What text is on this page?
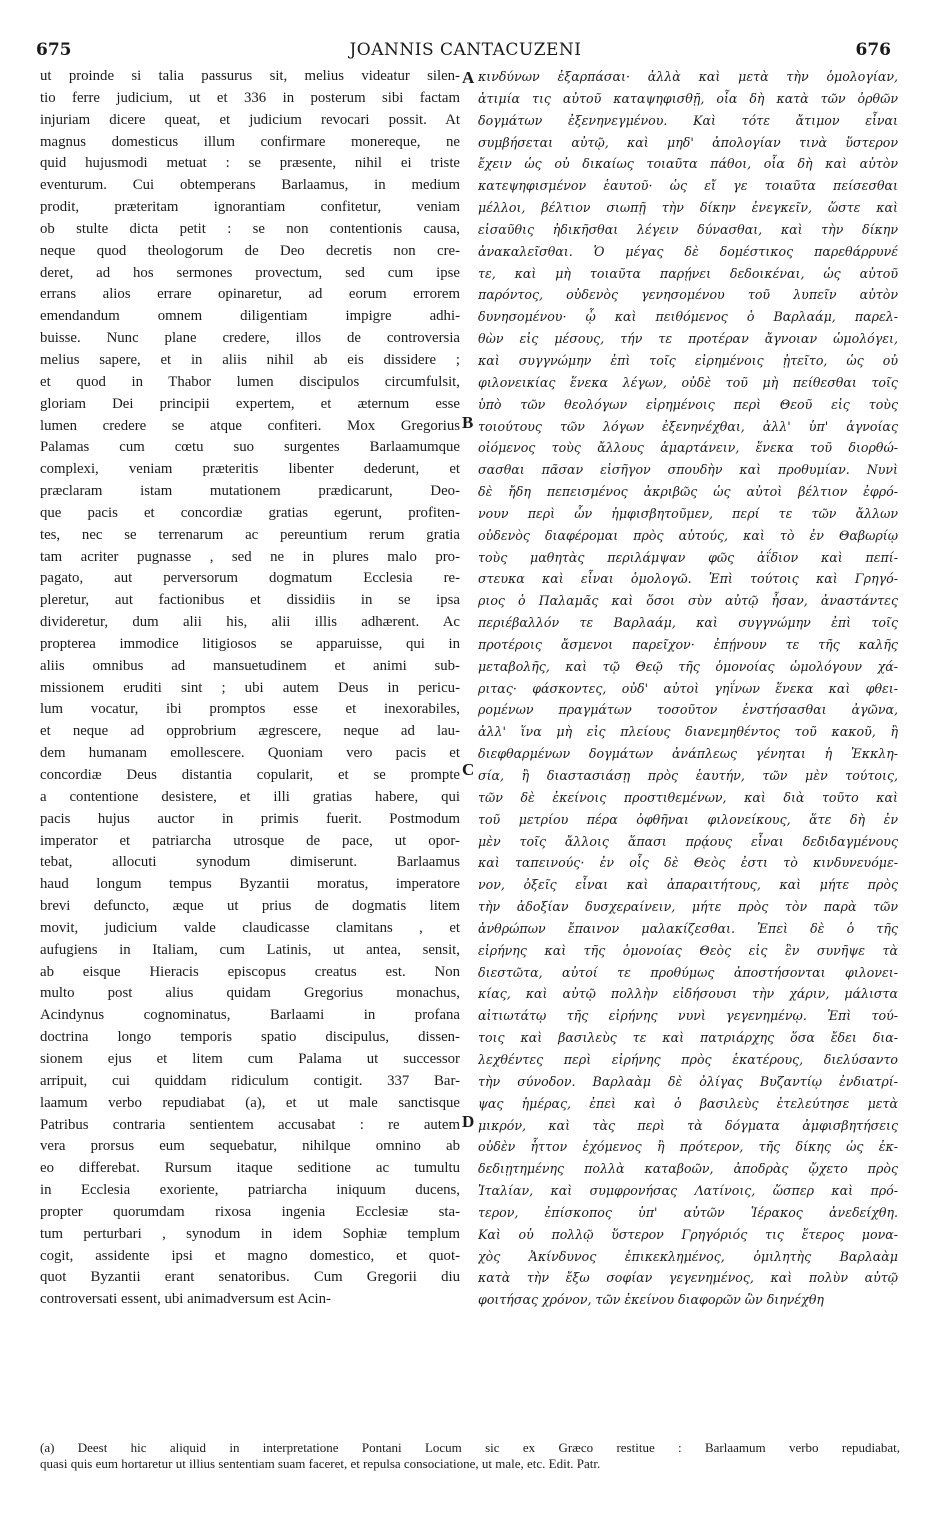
675	JOANNIS CANTACUZENI	676
ut proinde si talia passurus sit, melius videatur silen-
tio ferre judicium, ut et 336 in posterum sibi factam
injuriam dicere queat, et judicium revocari possit. At
magnus domesticus illum confirmare monereque, ne
quid hujusmodi metuat : se præsente, nihil ei triste
eventurum. Cui obtemperans Barlaamus, in medium
prodit, præteritam ignorantiam confitetur, veniam
ob stulte dicta petit : se non contentionis causa,
neque quod theologorum de Deo decretis non cre-
deret, ad hos sermones provectum, sed cum ipse
errans alios errare opinaretur, ad eorum errorem
emendandum omnem diligentiam impigre adhi-
buisse. Nunc plane credere, illos de controversia
melius sapere, et in aliis nihil ab eis dissidere ;
et quod in Thabor lumen discipulos circumfulsit,
gloriam Dei principii expertem, et æternum esse
lumen credere se atque confiteri. Mox Gregorius
Palamas cum cœtu suo surgentes Barlaamumque
complexi, veniam præteritis libenter dederunt, et
præclaram istam mutationem prædicarunt, Deo-
que pacis et concordiæ gratias egerunt, profiten-
tes, nec se terrenarum ac pereuntium rerum gratia
tam acriter pugnasse , sed ne in plures malo pro-
pagato, aut perversorum dogmatum Ecclesia re-
pleretur, aut factionibus et dissidiis in se ipsa
divideretur, dum alii his, alii illis adhærent. Ac
propterea immodice litigiosos se apparuisse, qui in
aliis omnibus ad mansuetudinem et animi sub-
missionem eruditi sint ; ubi autem Deus in pericu-
lum vocatur, ibi promptos esse et inexorabiles,
et neque ad opprobrium ægrescere, neque ad lau-
dem humanam emollescere. Quoniam vero pacis et
concordiæ Deus distantia copularit, et se prompte
a contentione desistere, et illi gratias habere, qui
pacis hujus auctor in primis fuerit. Postmodum
imperator et patriarcha utrosque de pace, ut opor-
tebat, allocuti synodum dimiserunt. Barlaamus
haud longum tempus Byzantii moratus, imperatore
brevi defuncto, æque ut prius de dogmatis litem
movit, judicium valde claudicasse clamitans , et
aufugiens in Italiam, cum Latinis, ut antea, sensit,
ab eisque Hieracis episcopus creatus est. Non
multo post alius quidam Gregorius monachus,
Acindynus cognominatus, Barlaami in profana
doctrina longo temporis spatio discipulus, dissen-
sionem ejus et litem cum Palama ut successor
arripuit, cui quiddam ridiculum contigit. 337 Bar-
laamum verbo repudiabat (a), et ut male sanctisque
Patribus contraria sentientem accusabat : re autem
vera prorsus eum sequebatur, nihilque omnino ab
eo differebat. Rursum itaque seditione ac tumultu
in Ecclesia exoriente, patriarcha iniquum ducens,
propter quorumdam rixosa ingenia Ecclesiæ sta-
tum perturbari , synodum in idem Sophiæ templum
cogit, assidente ipsi et magno domestico, et quot-
quot Byzantii erant senatoribus. Cum Gregorii diu
controversati essent, ubi animadversum est Acin-
κινδύνων ἐξαρπάσαι· ἀλλὰ καὶ μετὰ τὴν ὁμολογίαν,
ἀτιμία τις αὐτοῦ καταψηφισθῇ, οἷα δὴ κατὰ τῶν ὀρθῶν
δογμάτων ἐξενηνεγμένου. Καὶ τότε ἄτιμον εἶναι
συμβήσεται αὐτῷ, καὶ μηδ' ἀπολογίαν τινὰ ὕστερον
ἔχειν ὡς οὐ δικαίως τοιαῦτα πάθοι, οἷα δὴ καὶ αὐτὸν
κατεψηφισμένον ἑαυτοῦ· ὡς εἴ γε τοιαῦτα πείσεσθαι
μέλλοι, βέλτιον σιωπῇ τὴν δίκην ἐνεγκεῖν, ὥστε καὶ
εἰσαῦθις ἠδικῆσθαι λέγειν δύνασθαι, καὶ τὴν δίκην
ἀνακαλεῖσθαι. Ὁ μέγας δὲ δομέστικος παρεθάρρυνέ
τε, καὶ μὴ τοιαῦτα παρῄνει δεδοικέναι, ὡς αὐτοῦ
παρόντος, οὐδενὸς γενησομένου τοῦ λυπεῖν αὐτὸν
δυνησομένου· ᾧ καὶ πειθόμενος ὁ Βαρλαάμ, παρελ-
θὼν εἰς μέσους, τήν τε προτέραν ἄγνοιαν ὡμολόγει,
καὶ συγγνώμην ἐπὶ τοῖς εἰρημένοις ᾐτεῖτο, ὡς οὐ
φιλονεικίας ἕνεκα λέγων, οὐδὲ τοῦ μὴ πείθεσθαι τοῖς
ὑπὸ τῶν θεολόγων εἰρημένοις περὶ Θεοῦ εἰς τοὺς
τοιούτους τῶν λόγων ἐξενηνέχθαι, ἀλλ' ὑπ' ἀγνοίας
οἰόμενος τοὺς ἄλλους ἁμαρτάνειν, ἕνεκα τοῦ διορθώ-
σασθαι πᾶσαν εἰσῆγον σπουδὴν καὶ προθυμίαν. Νυνὶ
δὲ ἤδη πεπεισμένος ἀκριβῶς ὡς αὐτοὶ βέλτιον ἐφρό-
νουν περὶ ὧν ἠμφισβητοῦμεν, περί τε τῶν ἄλλων
οὐδενὸς διαφέρομαι πρὸς αὐτούς, καὶ τὸ ἐν Θαβωρίῳ
τοὺς μαθητὰς περιλάμψαν φῶς ἀΐδιον καὶ πεπί-
στευκα καὶ εἶναι ὁμολογῶ. Ἐπὶ τούτοις καὶ Γρηγό-
ριος ὁ Παλαμᾶς καὶ ὅσοι σὺν αὐτῷ ἦσαν, ἀναστάντες
περιέβαλλόν τε Βαρλαάμ, καὶ συγγνώμην ἐπὶ τοῖς
προτέροις ἄσμενοι παρεῖχον· ἐπῄνουν τε τῆς καλῆς
μεταβολῆς, καὶ τῷ Θεῷ τῆς ὁμονοίας ὡμολόγουν χά-
ριτας· φάσκοντες, οὐδ' αὐτοὶ γηΐνων ἕνεκα καὶ φθει-
ρομένων πραγμάτων τοσοῦτον ἐνστήσασθαι ἀγῶνα,
ἀλλ' ἵνα μὴ εἰς πλείους διανεμηθέντος τοῦ κακοῦ, ἢ
διεφθαρμένων δογμάτων ἀνάπλεως γένηται ἡ Ἐκκλη-
σία, ἢ διαστασιάσῃ πρὸς ἑαυτήν, τῶν μὲν τούτοις,
τῶν δὲ ἐκείνοις προστιθεμένων, καὶ διὰ τοῦτο καὶ
τοῦ μετρίου πέρα ὀφθῆναι φιλονείκους, ἅτε δὴ ἐν
μὲν τοῖς ἄλλοις ἅπασι πρᾴους εἶναι δεδιδαγμένους
καὶ ταπεινούς· ἐν οἷς δὲ Θεὸς ἐστι τὸ κινδυνευόμε-
νον, ὀξεῖς εἶναι καὶ ἀπαραιτήτους, καὶ μήτε πρὸς
τὴν ἀδοξίαν δυσχεραίνειν, μήτε πρὸς τὸν παρὰ τῶν
ἀνθρώπων ἔπαινον μαλακίζεσθαι. Ἐπεὶ δὲ ὁ τῆς
εἰρήνης καὶ τῆς ὁμονοίας Θεὸς εἰς ἓν συνῆψε τὰ
διεστῶτα, αὐτοί τε προθύμως ἀποστήσονται φιλονει-
κίας, καὶ αὐτῷ πολλὴν εἰδήσουσι τὴν χάριν, μάλιστα
αἰτιωτάτῳ τῆς εἰρήνης νυνὶ γεγενημένῳ. Ἐπὶ τού-
τοις καὶ βασιλεὺς τε καὶ πατριάρχης ὅσα ἔδει δια-
λεχθέντες περὶ εἰρήνης πρὸς ἑκατέρους, διελύσαντο
τὴν σύνοδον. Βαρλαὰμ δὲ ὀλίγας Βυζαντίῳ ἐνδιατρί-
ψας ἡμέρας, ἐπεὶ καὶ ὁ βασιλεὺς ἐτελεύτησε μετὰ
μικρόν, καὶ τὰς περὶ τὰ δόγματα ἀμφισβητήσεις
οὐδὲν ἧττον ἐχόμενος ἢ πρότερον, τῆς δίκης ὡς ἐκ-
δεδιῃτημένης πολλὰ καταβοῶν, ἀποδρὰς ᾤχετο πρὸς
Ἰταλίαν, καὶ συμφρονήσας Λατίνοις, ὥσπερ καὶ πρό-
τερον, ἐπίσκοπος ὑπ' αὐτῶν Ἱέρακος ἀνεδείχθη.
Καὶ οὐ πολλῷ ὕστερον Γρηγόριός τις ἕτερος μονα-
χὸς Ἀκίνδυνος ἐπικεκλημένος, ὁμιλητὴς Βαρλαὰμ
κατὰ τὴν ἔξω σοφίαν γεγενημένος, καὶ πολὺν αὐτῷ
φοιτήσας χρόνον, τῶν ἐκείνου διαφορῶν ὢν διηνέχθη
A
B
C
D
(a) Deest hic aliquid in interpretatione Pontani Locum sic ex Græco restitue : Barlaamum verbo repudiabat,
quasi quis eum hortaretur ut illius sententiam suam faceret, et repulsa consociatione, ut male, etc. Edit. Patr.
